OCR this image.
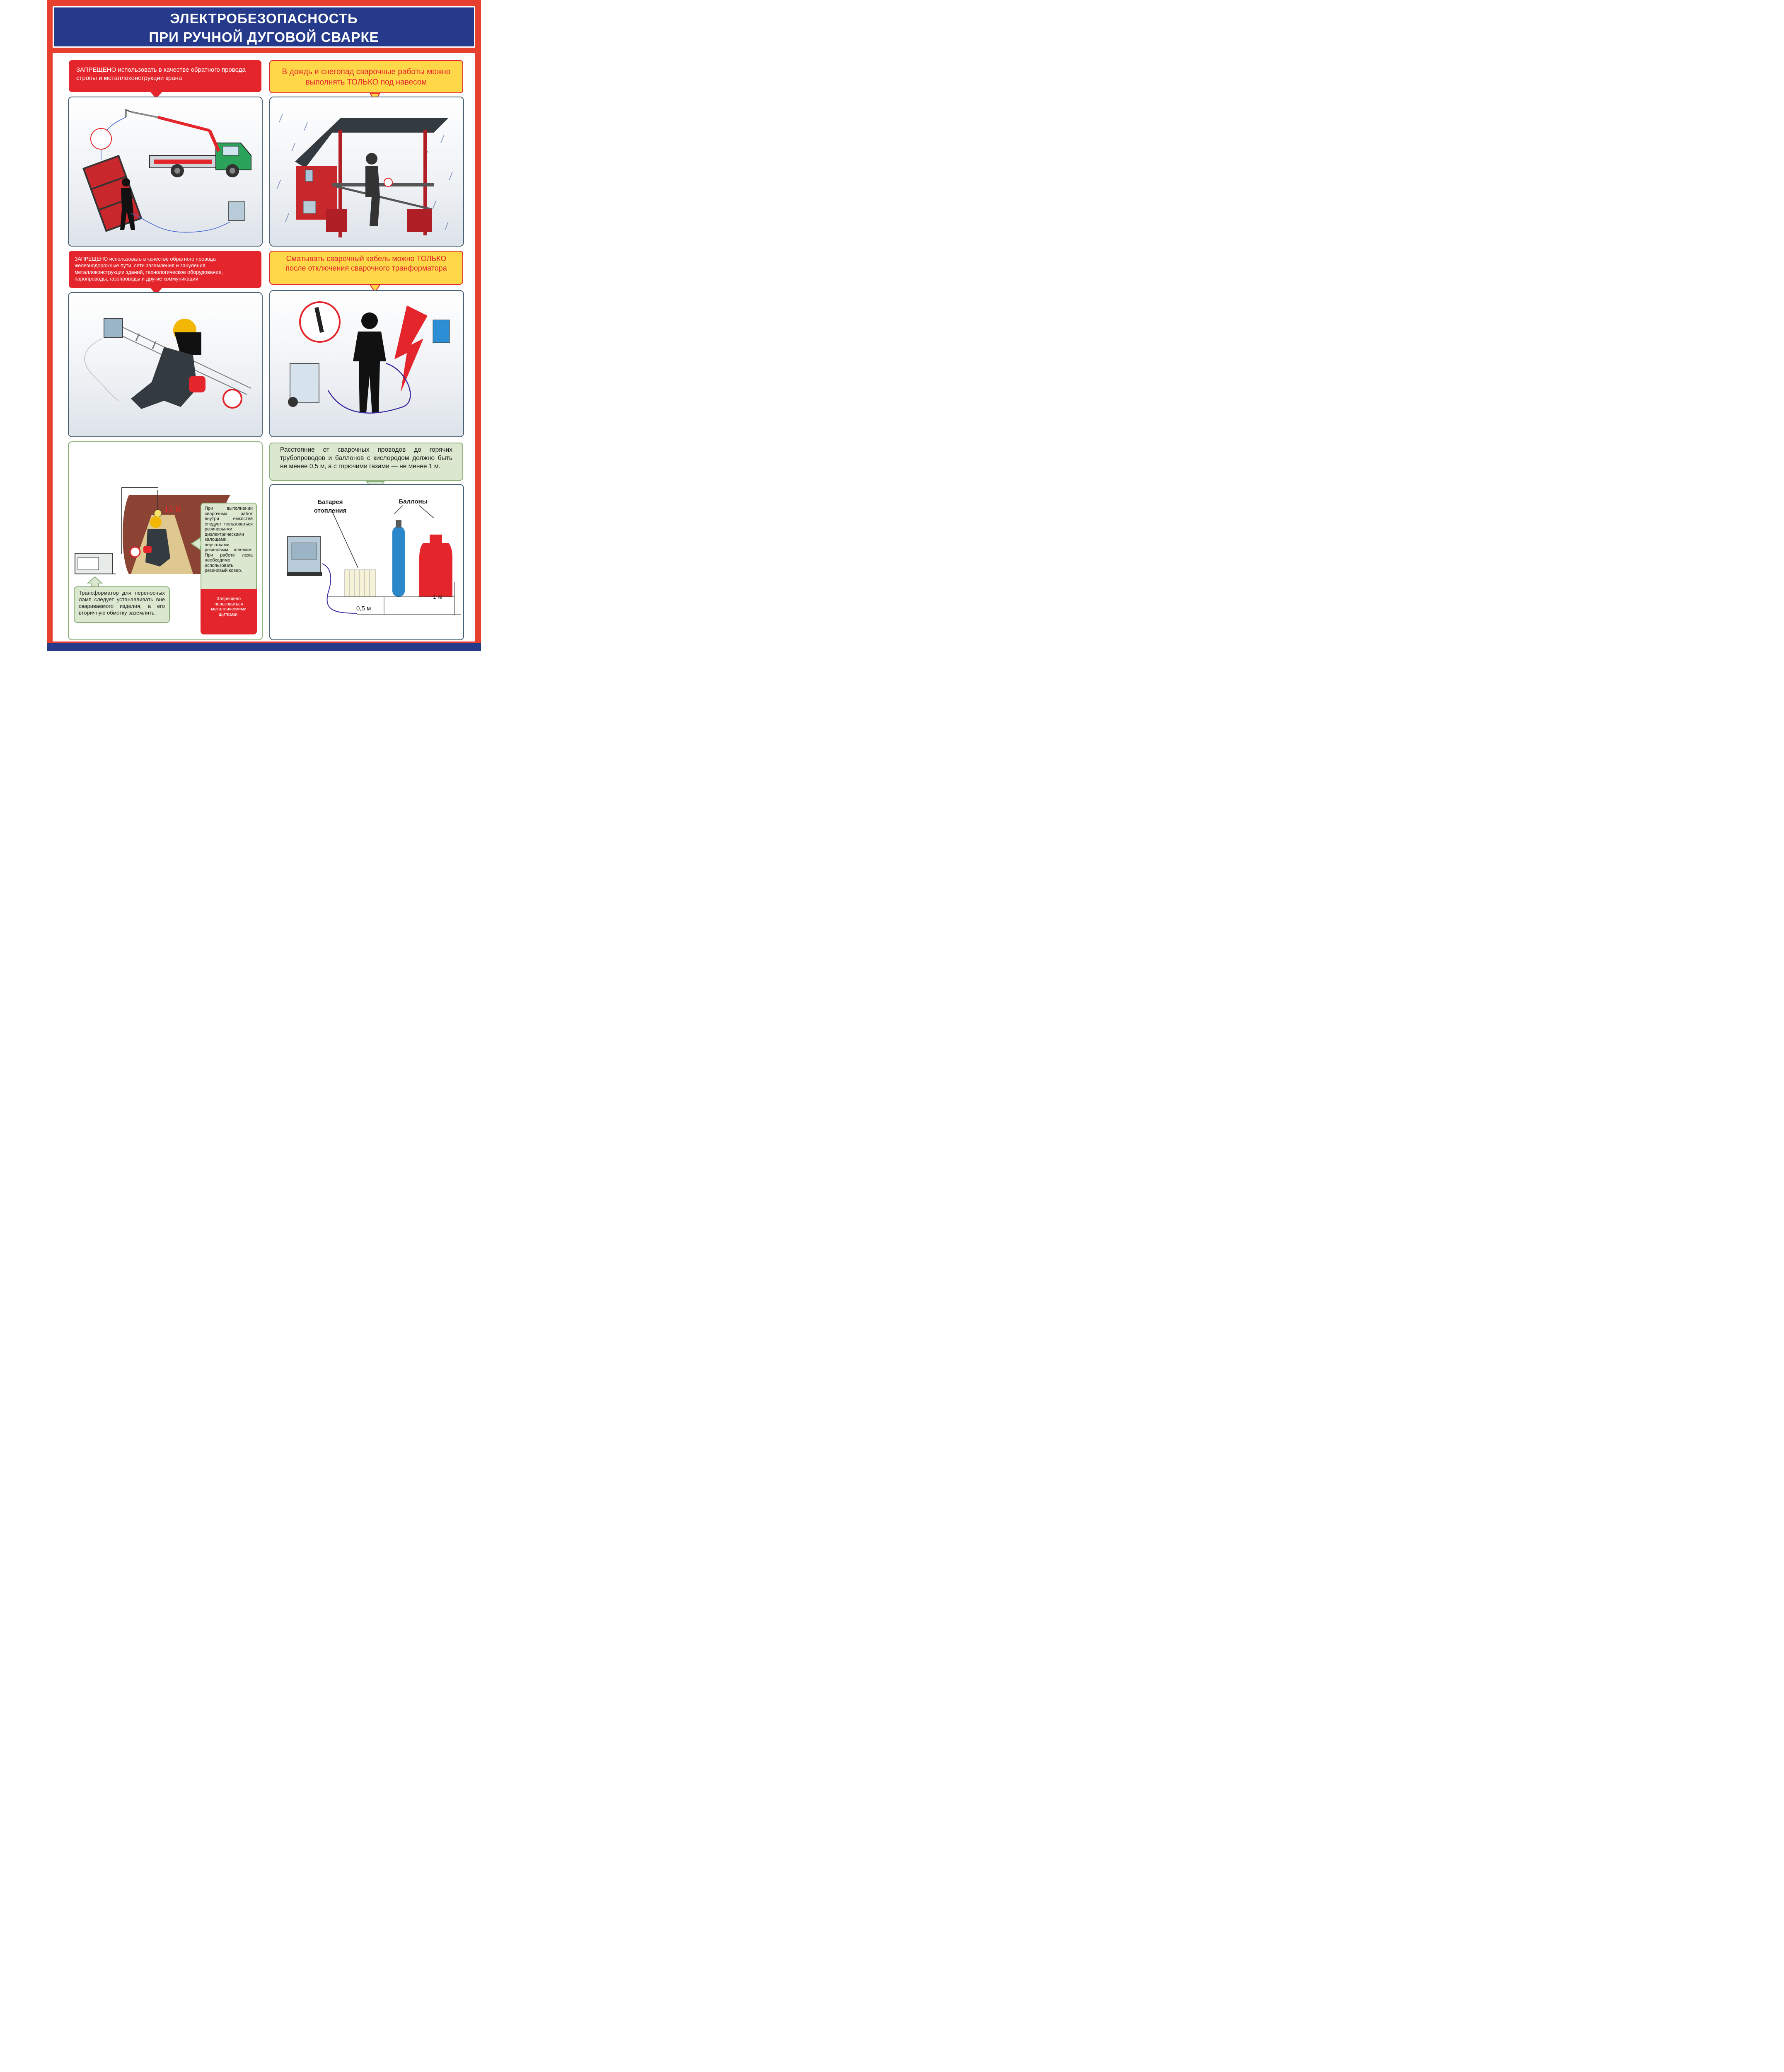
ЭЛЕКТРОБЕЗОПАСНОСТЬ
ПРИ РУЧНОЙ ДУГОВОЙ СВАРКЕ
ЗАПРЕЩЕНО использовать в качестве обратного провода стропы и металлоконструкции крана
В дождь и снегопад сварочные работы можно выполнять ТОЛЬКО под навесом
ЗАПРЕЩЕНО использовать в качестве обратного провода железнодорожные пути, сети заземления и зануления, металлоконструкции зданий, технологическое оборудование, паропроводы, газопроводы и другие коммуникации
Сматывать сварочный кабель можно ТОЛЬКО после отключения сварочного транформатора
12 В	При выполнении сварочных работ внутри емкостей следует пользоваться резиновы-ми диэлектрическими калошами, перчатками, резиновым шлемом. При работе лежа необходимо использовать резиновый ковер.
Запрещено пользоваться металлическими щитками.
Трансформатор для переносных ламп следует устанавливать вне свариваемого изделия, а его вторичную обмотку заземлить.
Расстояние от сварочных проводов до горячих трубопроводов и баллонов с кислородом должно быть не менее 0,5 м, а с горючими газами — не менее 1 м.
Батарея
отопления
Баллоны
0,5 м
1 м
